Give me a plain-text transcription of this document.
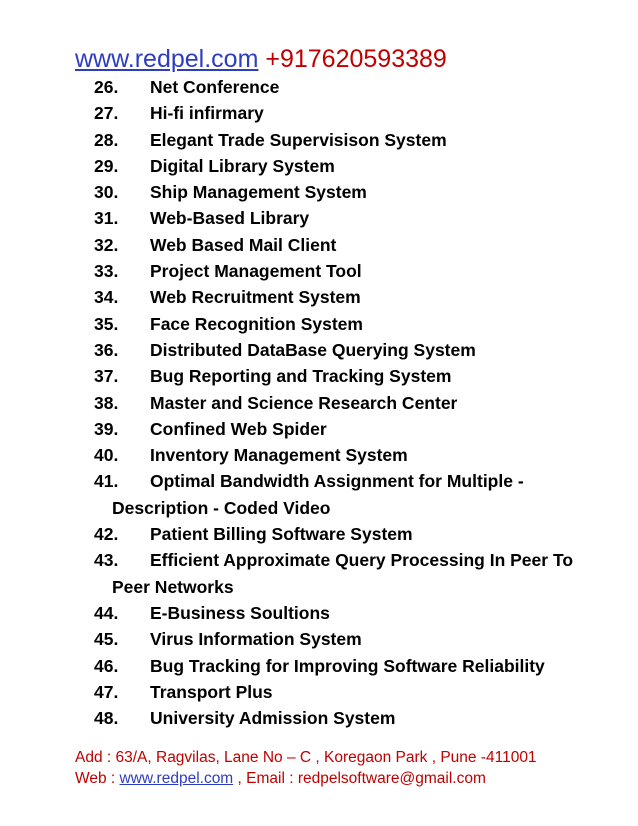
www.redpel.com +917620593389
26. Net Conference
27. Hi-fi infirmary
28. Elegant Trade Supervisison System
29. Digital Library System
30. Ship Management System
31. Web-Based Library
32. Web Based Mail Client
33. Project Management Tool
34. Web Recruitment System
35. Face Recognition System
36. Distributed DataBase Querying System
37. Bug Reporting and Tracking System
38. Master and Science Research Center
39. Confined Web Spider
40. Inventory Management System
41. Optimal Bandwidth Assignment for Multiple -
Description - Coded Video
42. Patient Billing Software System
43. Efficient Approximate Query Processing In Peer To
Peer Networks
44. E-Business Soultions
45. Virus Information System
46. Bug Tracking for Improving Software Reliability
47. Transport Plus
48. University Admission System
Add : 63/A, Ragvilas, Lane No – C , Koregaon Park , Pune -411001
Web : www.redpel.com , Email : redpelsoftware@gmail.com
